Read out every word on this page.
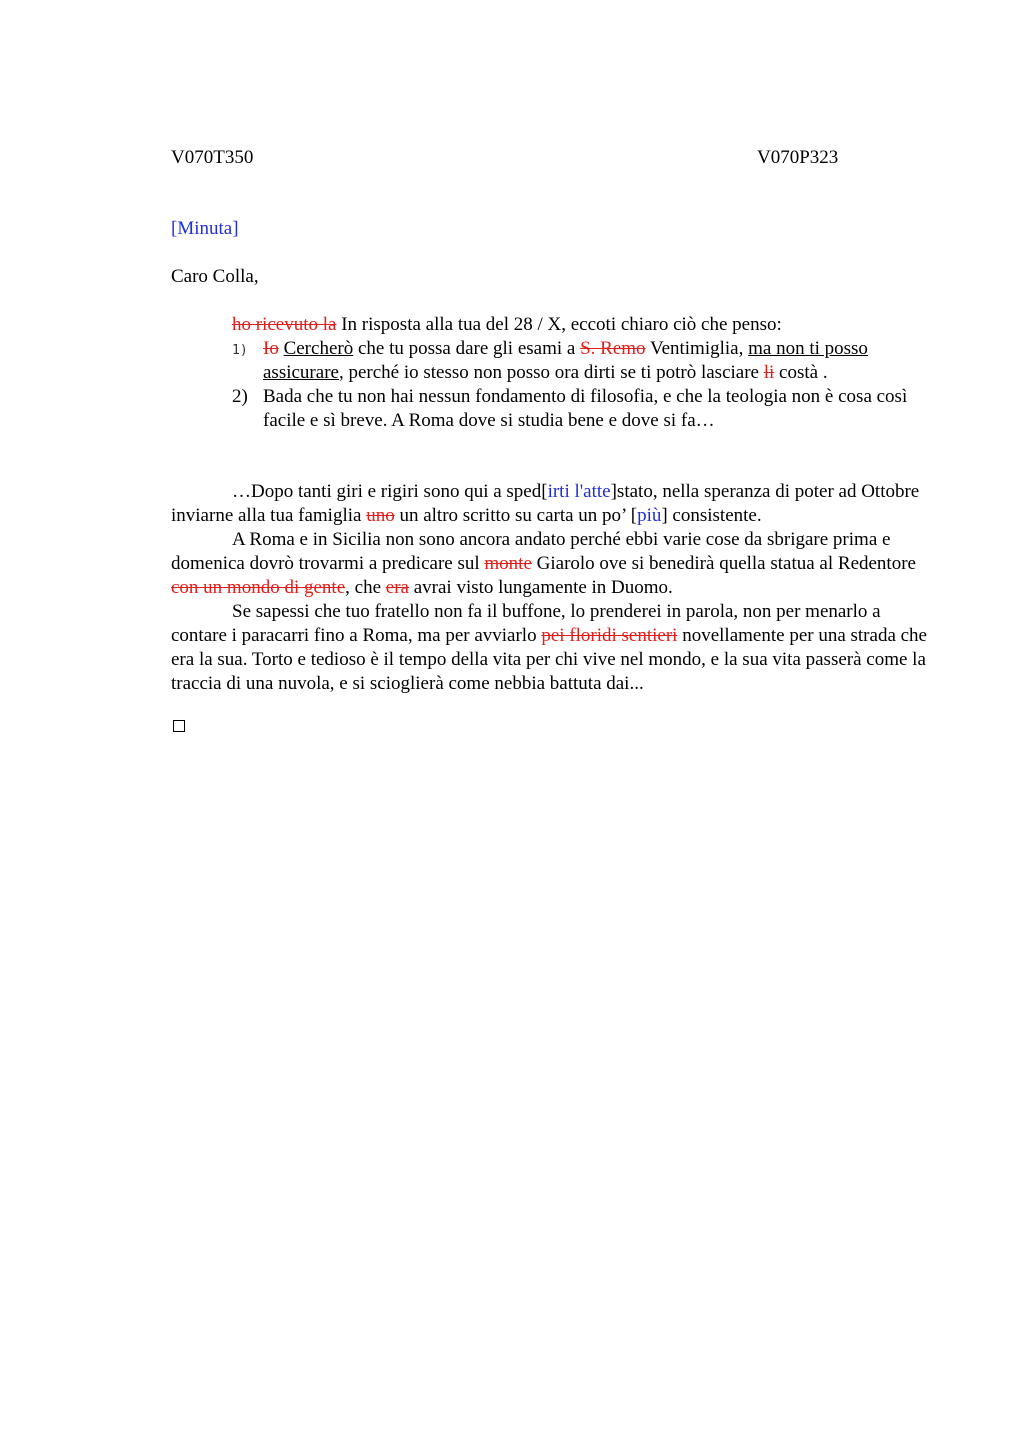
V070T350	V070P323
[Minuta]
Caro Colla,
ho ricevuto la In risposta alla tua del 28 / X, eccoti chiaro ciò che penso:
1) Io Cercherò che tu possa dare gli esami a S. Remo Ventimiglia, ma non ti posso assicurare, perché io stesso non posso ora dirti se ti potrò lasciare li costà .
2) Bada che tu non hai nessun fondamento di filosofia, e che la teologia non è cosa così facile e sì breve. A Roma dove si studia bene e dove si fa…

…Dopo tanti giri e rigiri sono qui a sped[irti l'atte]stato, nella speranza di poter ad Ottobre inviarne alla tua famiglia uno un altro scritto su carta un po’ [più] consistente.

A Roma e in Sicilia non sono ancora andato perché ebbi varie cose da sbrigare prima e domenica dovrò trovarmi a predicare sul monte Giarolo ove si benedirà quella statua al Redentore con un mondo di gente, che era avrai visto lungamente in Duomo.

Se sapessi che tuo fratello non fa il buffone, lo prenderei in parola, non per menarlo a contare i paracarri fino a Roma, ma per avviarlo pei floridi sentieri novellamente per una strada che era la sua. Torto e tedioso è il tempo della vita per chi vive nel mondo, e la sua vita passerà come la traccia di una nuvola, e si scioglierà come nebbia battuta dai...
